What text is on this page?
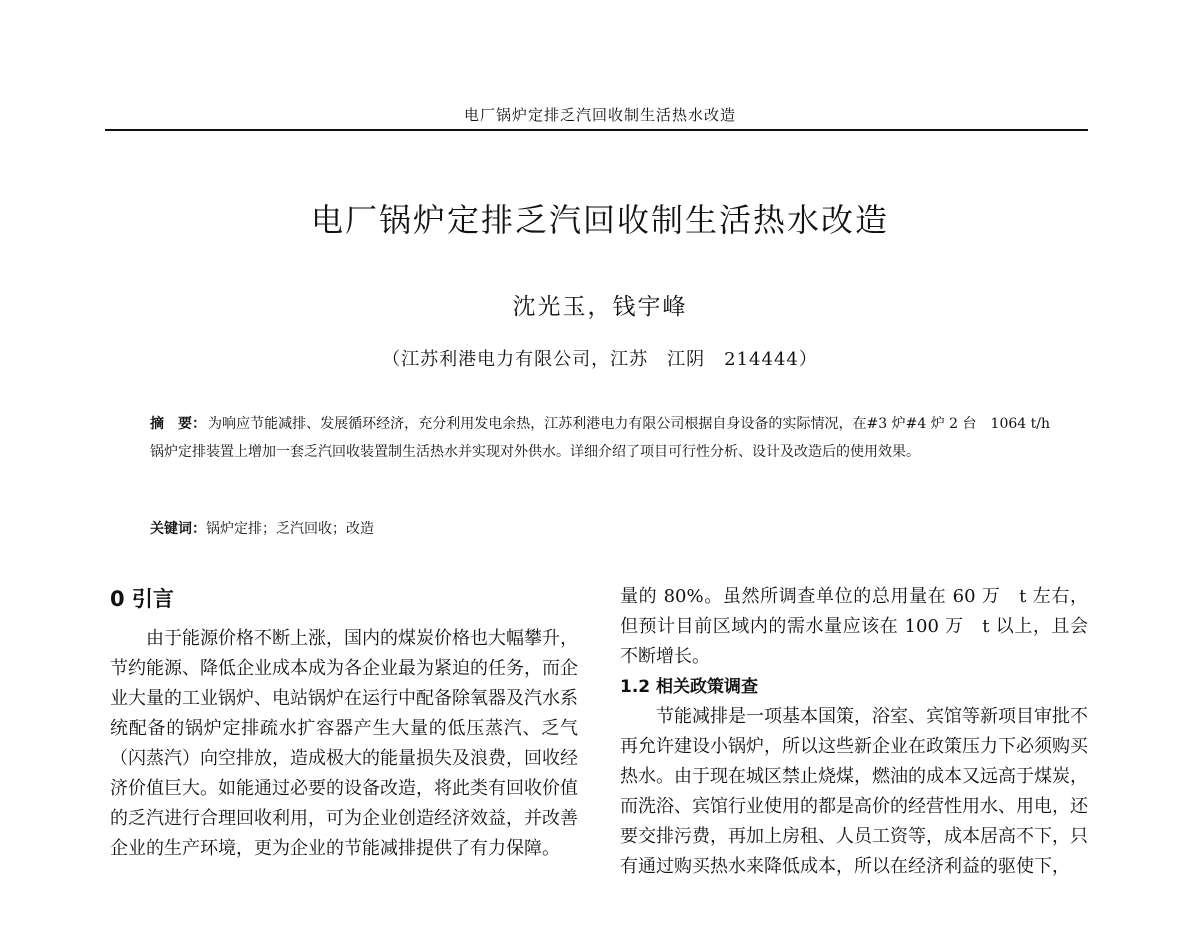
电厂锅炉定排乏汽回收制生活热水改造
电厂锅炉定排乏汽回收制生活热水改造
沈光玉，钱宇峰
（江苏利港电力有限公司，江苏　江阴　214444）
摘　要： 为响应节能减排、发展循环经济，充分利用发电余热，江苏利港电力有限公司根据自身设备的实际情况，在#3 炉#4 炉 2 台　1064 t/h 锅炉定排装置上增加一套乏汽回收装置制生活热水并实现对外供水。详细介绍了项目可行性分析、设计及改造后的使用效果。
关键词：锅炉定排；乏汽回收；改造
0 引言

由于能源价格不断上涨，国内的煤炭价格也大幅攀升，节约能源、降低企业成本成为各企业最为紧迫的任务，而企业大量的工业锅炉、电站锅炉在运行中配备除氧器及汽水系统配备的锅炉定排疏水扩容器产生大量的低压蒸汽、乏气（闪蒸汽）向空排放，造成极大的能量损失及浪费，回收经济价值巨大。如能通过必要的设备改造，将此类有回收价值的乏汽进行合理回收利用，可为企业创造经济效益，并改善企业的生产环境，更为企业的节能减排提供了有力保障。

量的 80%。虽然所调查单位的总用量在 60 万　t 左右，但预计目前区域内的需水量应该在 100 万　t 以上，且会不断增长。

1.2 相关政策调查

节能减排是一项基本国策，浴室、宾馆等新项目审批不再允许建设小锅炉，所以这些新企业在政策压力下必须购买热水。由于现在城区禁止烧煤，燃油的成本又远高于煤炭，而洗浴、宾馆行业使用的都是高价的经营性用水、用电，还要交排污费，再加上房租、人员工资等，成本居高不下，只有通过购买热水来降低成本，所以在经济利益的驱使下，
